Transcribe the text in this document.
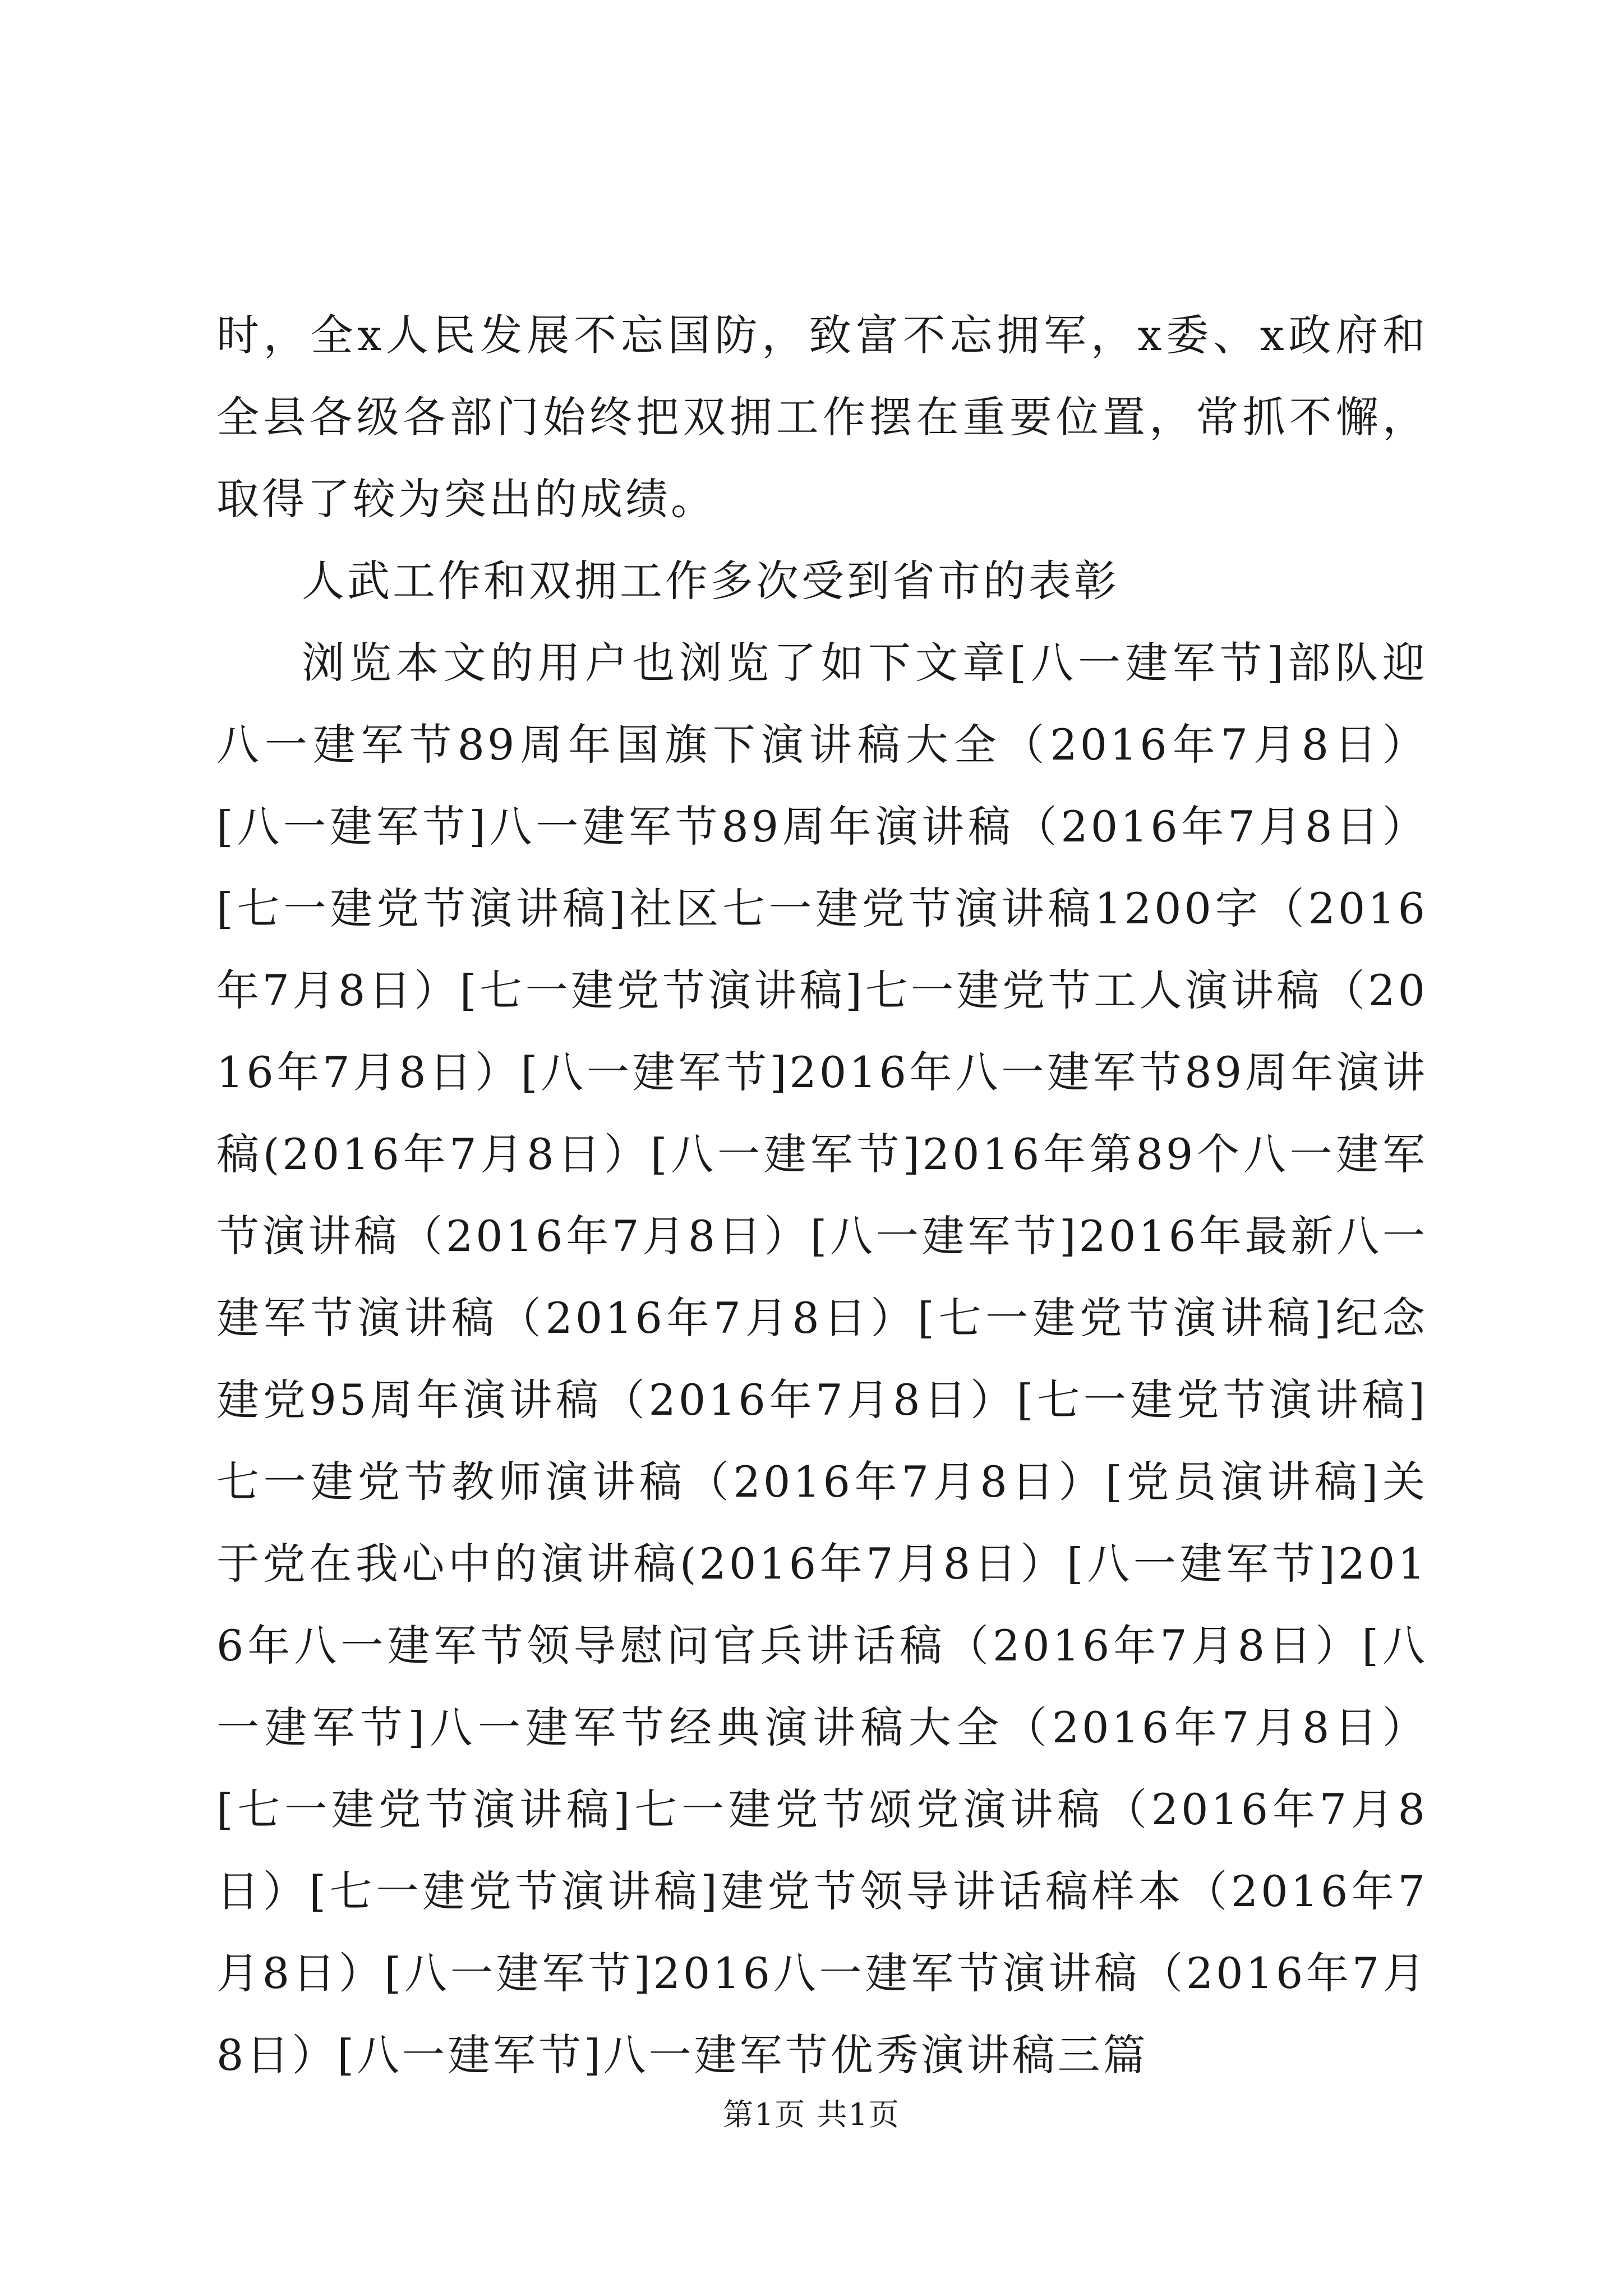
时，全x人民发展不忘国防，致富不忘拥军，x委、x政府和全县各级各部门始终把双拥工作摆在重要位置，常抓不懈，取得了较为突出的成绩。

人武工作和双拥工作多次受到省市的表彰

浏览本文的用户也浏览了如下文章[八一建军节]部队迎八一建军节89周年国旗下演讲稿大全（2016年7月8日）[八一建军节]八一建军节89周年演讲稿（2016年7月8日）[七一建党节演讲稿]社区七一建党节演讲稿1200字（2016年7月8日）[七一建党节演讲稿]七一建党节工人演讲稿（2016年7月8日）[八一建军节]2016年八一建军节89周年演讲稿(2016年7月8日）[八一建军节]2016年第89个八一建军节演讲稿（2016年7月8日）[八一建军节]2016年最新八一建军节演讲稿（2016年7月8日）[七一建党节演讲稿]纪念建党95周年演讲稿（2016年7月8日）[七一建党节演讲稿]七一建党节教师演讲稿（2016年7月8日）[党员演讲稿]关于党在我心中的演讲稿(2016年7月8日）[八一建军节]2016年八一建军节领导慰问官兵讲话稿（2016年7月8日）[八一建军节]八一建军节经典演讲稿大全（2016年7月8日）[七一建党节演讲稿]七一建党节颂党演讲稿（2016年7月8日）[七一建党节演讲稿]建党节领导讲话稿样本（2016年7月8日）[八一建军节]2016八一建军节演讲稿（2016年7月8日）[八一建军节]八一建军节优秀演讲稿三篇

第1页 共1页
